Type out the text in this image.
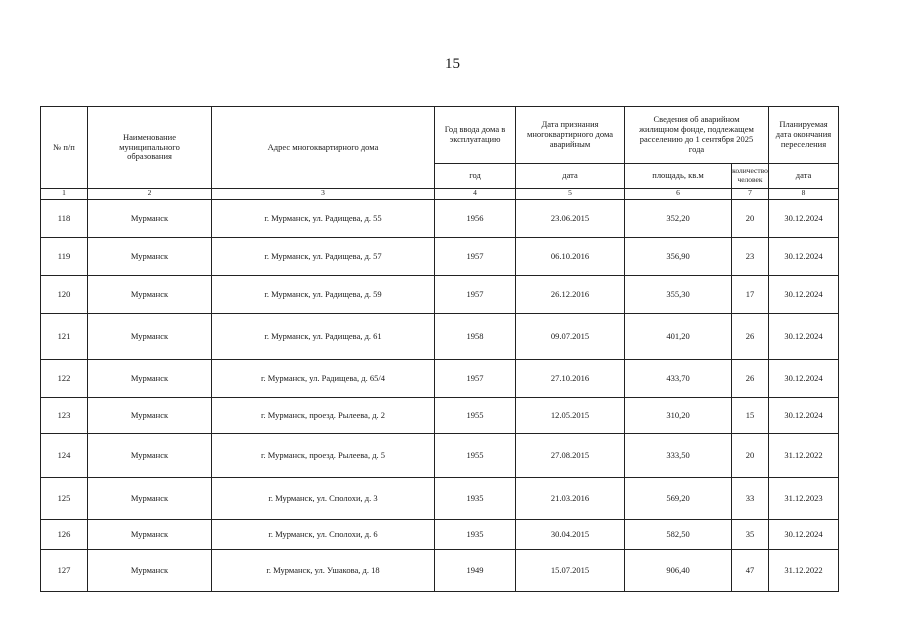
15
№ п/п	Наименование муниципального образования	Адрес многоквартирного дома	Год ввода дома в эксплуатацию	Дата признания многоквартирного дома аварийным	Сведения об аварийном жилищном фонде, подлежащем расселению до 1 сентября 2025 года		Планируемая дата окончания переселения
			год	дата	площадь, кв.м	количество человек	дата
1	2	3	4	5	6	7	8
118	Мурманск	г. Мурманск, ул. Радищева, д. 55	1956	23.06.2015	352,20	20	30.12.2024
119	Мурманск	г. Мурманск, ул. Радищева, д. 57	1957	06.10.2016	356,90	23	30.12.2024
120	Мурманск	г. Мурманск, ул. Радищева, д. 59	1957	26.12.2016	355,30	17	30.12.2024
121	Мурманск	г. Мурманск, ул. Радищева, д. 61	1958	09.07.2015	401,20	26	30.12.2024
122	Мурманск	г. Мурманск, ул. Радищева, д. 65/4	1957	27.10.2016	433,70	26	30.12.2024
123	Мурманск	г. Мурманск, проезд. Рылеева, д. 2	1955	12.05.2015	310,20	15	30.12.2024
124	Мурманск	г. Мурманск, проезд. Рылеева, д. 5	1955	27.08.2015	333,50	20	31.12.2022
125	Мурманск	г. Мурманск, ул. Сполохи, д. 3	1935	21.03.2016	569,20	33	31.12.2023
126	Мурманск	г. Мурманск, ул. Сполохи, д. 6	1935	30.04.2015	582,50	35	30.12.2024
127	Мурманск	г. Мурманск, ул. Ушакова, д. 18	1949	15.07.2015	906,40	47	31.12.2022
